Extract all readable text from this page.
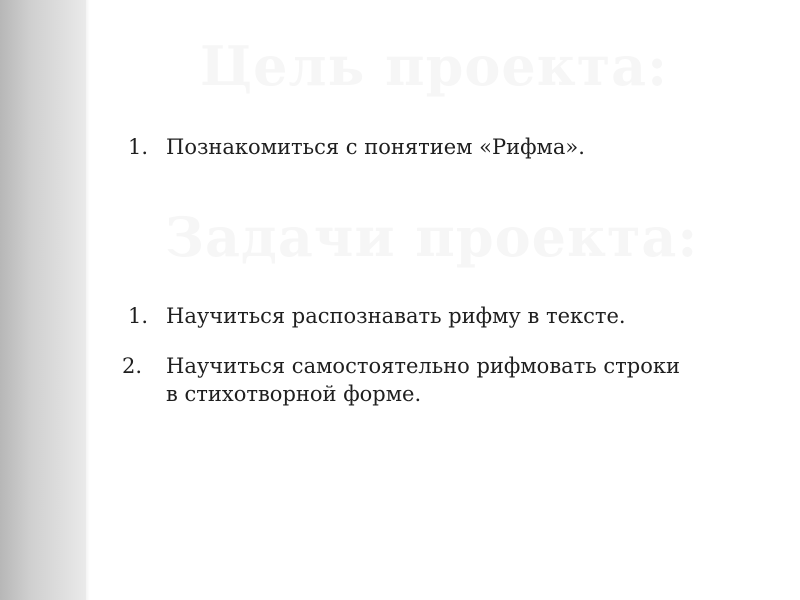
Цель проекта:
Задачи проекта:
1. Познакомиться с понятием «Рифма».
1. Научиться распознавать рифму в тексте.
2. Научиться самостоятельно рифмовать строки
в стихотворной форме.
